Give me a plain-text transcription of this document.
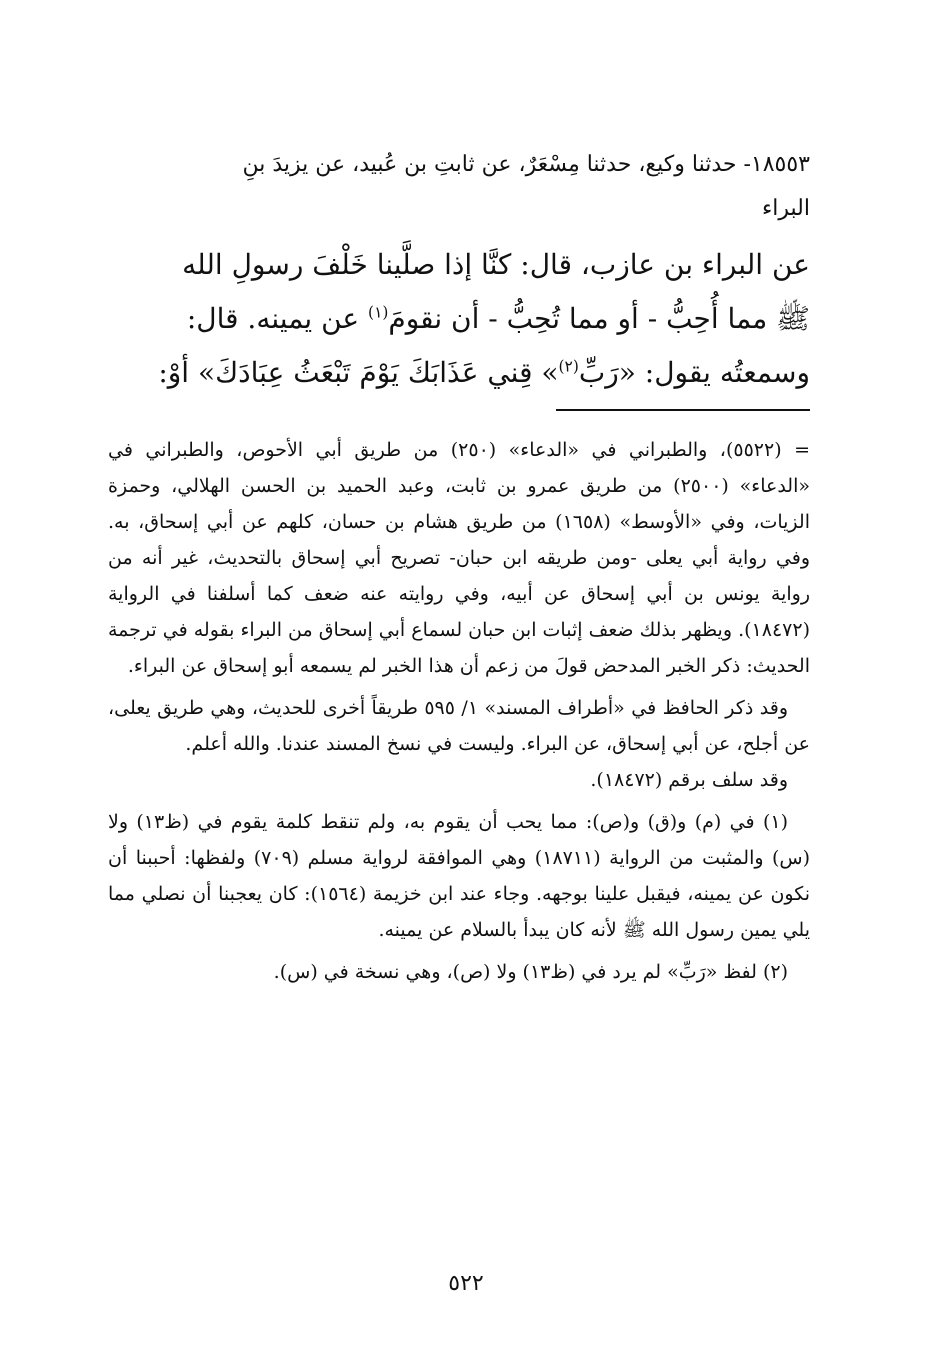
١٨٥٥٣- حدثنا وكيع، حدثنا مِسْعَرٌ، عن ثابتِ بن عُبيد، عن يزيدَ بنِ
البراء
عن البراء بن عازب، قال: كنَّا إذا صلَّينا خَلْفَ رسولِ الله
ﷺ مما أُحِبُّ - أو مما تُحِبُّ - أن نقومَ$^{(١)}$ عن يمينه. قال:
وسمعتُه يقول: «رَبِّ$^{(٢)}$» قِني عَذَابَكَ يَوْمَ تَبْعَثُ عِبَادَكَ» أوْ:

= (٥٥٢٢)، والطبراني في «الدعاء» (٢٥٠) من طريق أبي الأحوص، والطبراني في «الدعاء» (٢٥٠٠) من طريق عمرو بن ثابت، وعبد الحميد بن الحسن الهلالي، وحمزة الزيات، وفي «الأوسط» (١٦٥٨) من طريق هشام بن حسان، كلهم عن أبي إسحاق، به. وفي رواية أبي يعلى -ومن طريقه ابن حبان- تصريح أبي إسحاق بالتحديث، غير أنه من رواية يونس بن أبي إسحاق عن أبيه، وفي روايته عنه ضعف كما أسلفنا في الرواية (١٨٤٧٢). ويظهر بذلك ضعف إثبات ابن حبان لسماع أبي إسحاق من البراء بقوله في ترجمة الحديث: ذكر الخبر المدحض قولَ من زعم أن هذا الخبر لم يسمعه أبو إسحاق عن البراء.

وقد ذكر الحافظ في «أطراف المسند» ١/ ٥٩٥ طريقاً أخرى للحديث، وهي طريق يعلى، عن أجلح، عن أبي إسحاق، عن البراء. وليست في نسخ المسند عندنا. والله أعلم.

وقد سلف برقم (١٨٤٧٢).

(١) في (م) و(ق) و(ص): مما يحب أن يقوم به، ولم تنقط كلمة يقوم في (ظ١٣) ولا (س) والمثبت من الرواية (١٨٧١١) وهي الموافقة لرواية مسلم (٧٠٩) ولفظها: أحببنا أن نكون عن يمينه، فيقبل علينا بوجهه. وجاء عند ابن خزيمة (١٥٦٤): كان يعجبنا أن نصلي مما يلي يمين رسول الله ﷺ لأنه كان يبدأ بالسلام عن يمينه.

(٢) لفظ «رَبِّ» لم يرد في (ظ١٣) ولا (ص)، وهي نسخة في (س).

٥٢٢
